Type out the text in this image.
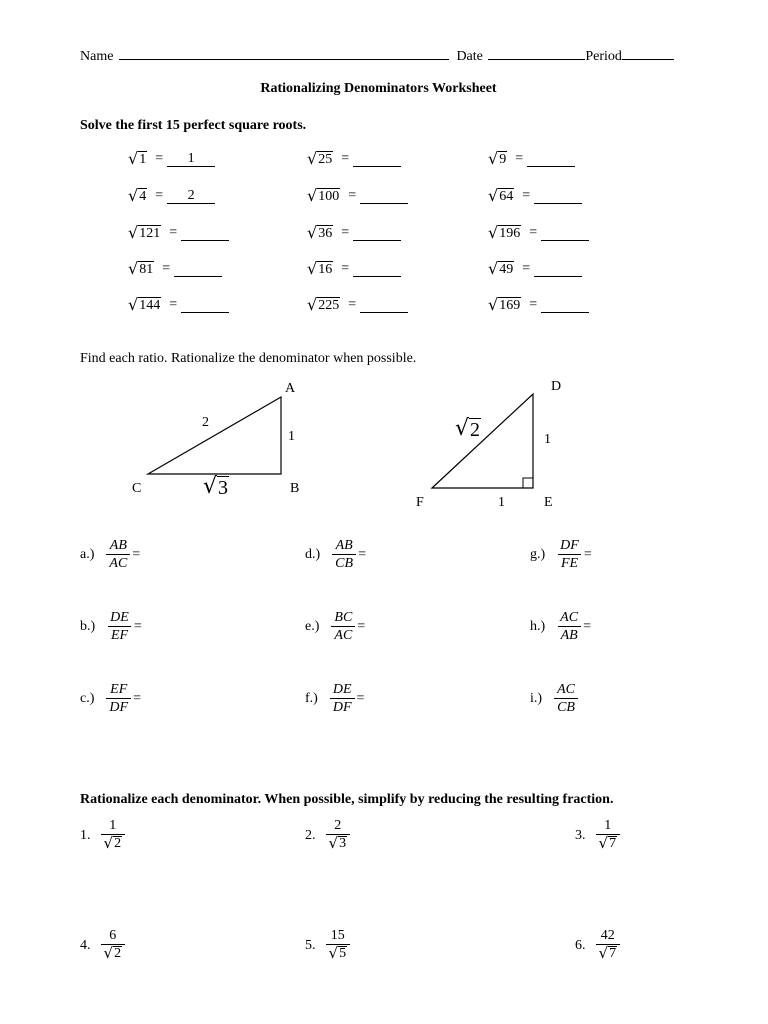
Name	Date	Period
Rationalizing Denominators Worksheet
Solve the first 15 perfect square roots.
√ 1 =	1	√ 25 =	√ 9 =
√ 4 =	2	√ 100 =	√ 64 =
√ 121 =	√ 36 =	√ 196 =
√ 81 =	√ 16 =	√ 49 =
√ 144 =	√ 225 =	√ 169 =
Find each ratio. Rationalize the denominator when possible.
A
C	B
2
1
√ 3
D
F	E
1
1
√ 2
$a.) \frac{AB}{AC}$ =	$d.) \frac{AB}{CB}$ =	$g.) \frac{DF}{FE}$ =
$b.) \frac{DE}{EF}$ =	$e.) \frac{BC}{AC}$ =	$h.) \frac{AC}{AB}$ =
$c.) \frac{EF}{DF}$ =	$f.) \frac{DE}{DF}$ =	$i.) \frac{AC}{CB}$
Rationalize each denominator. When possible, simplify by reducing the resulting fraction.
1. $\frac{1}{√ 2}$	2. $\frac{2}{√ 3}$	3. $\frac{1}{√ 7}$
4. $\frac{6}{√ 2}$	5. $\frac{15}{√ 5}$	6. $\frac{42}{√ 7}$
